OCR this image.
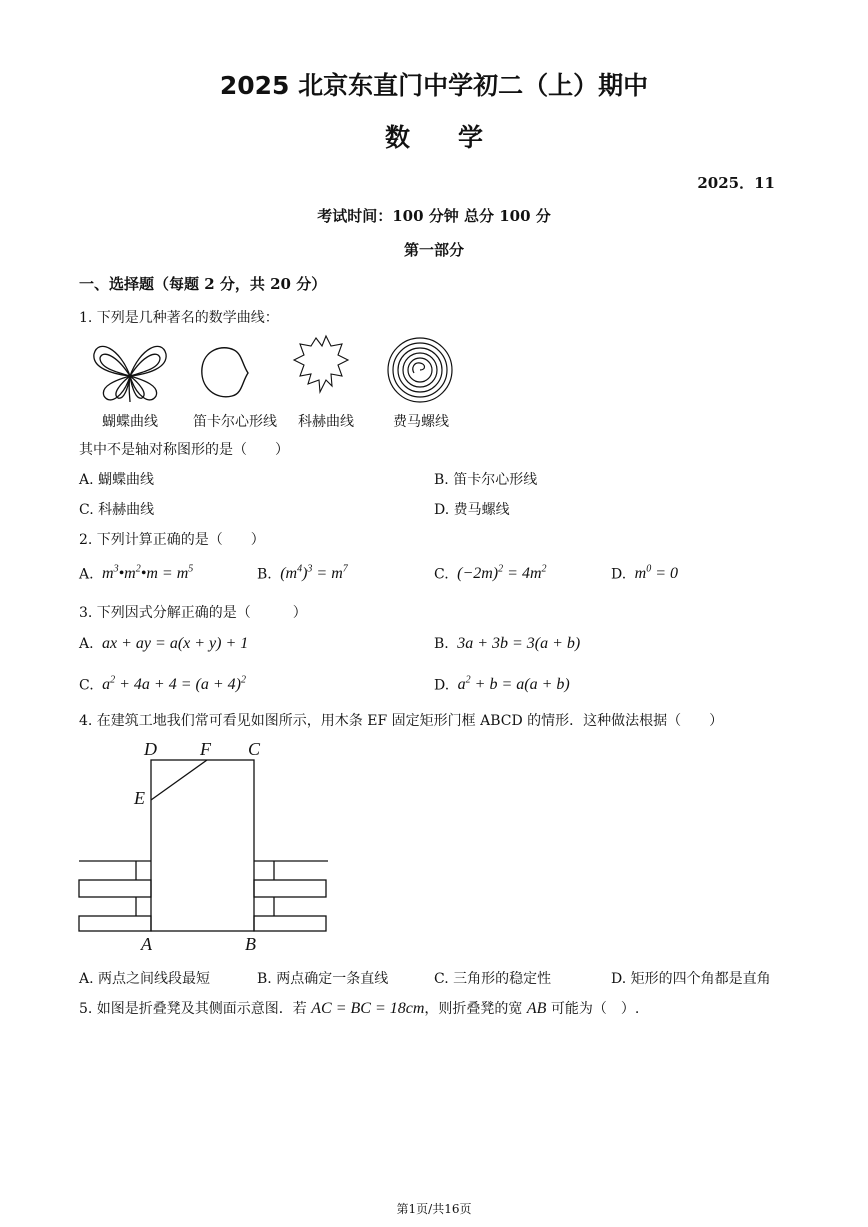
2025 北京东直门中学初二（上）期中
数学
2025．11
考试时间：100 分钟 总分 100 分
第一部分
一、选择题（每题 2 分，共 20 分）
1. 下列是几种著名的数学曲线：
蝴蝶曲线	笛卡尔心形线	科赫曲线	费马螺线
其中不是轴对称图形的是（　　）
A. 蝴蝶曲线	B. 笛卡尔心形线
C. 科赫曲线	D. 费马螺线
2. 下列计算正确的是（　　）
A.  $m^3•m^2•m = m^5$	B.  $(m^4)^3 = m^7$	C.  $(-2m)^2 = 4m^2$	D.  $m^0 = 0$
3. 下列因式分解正确的是（　　　）
A.  ax + ay = a(x + y) + 1	B.  3a + 3b = 3(a + b)
C.  $a^2 + 4a + 4 = (a + 4)^2$	D.  $a^2 + b = a(a + b)$
4. 在建筑工地我们常可看见如图所示，用木条 EF 固定矩形门框 ABCD 的情形．这种做法根据（　　）
D F C
E
A	B
A. 两点之间线段最短	B. 两点确定一条直线	C. 三角形的稳定性	D. 矩形的四个角都是直角
5. 如图是折叠凳及其侧面示意图．若 AC = BC = 18cm，则折叠凳的宽 AB 可能为（　）.
第1页/共16页
